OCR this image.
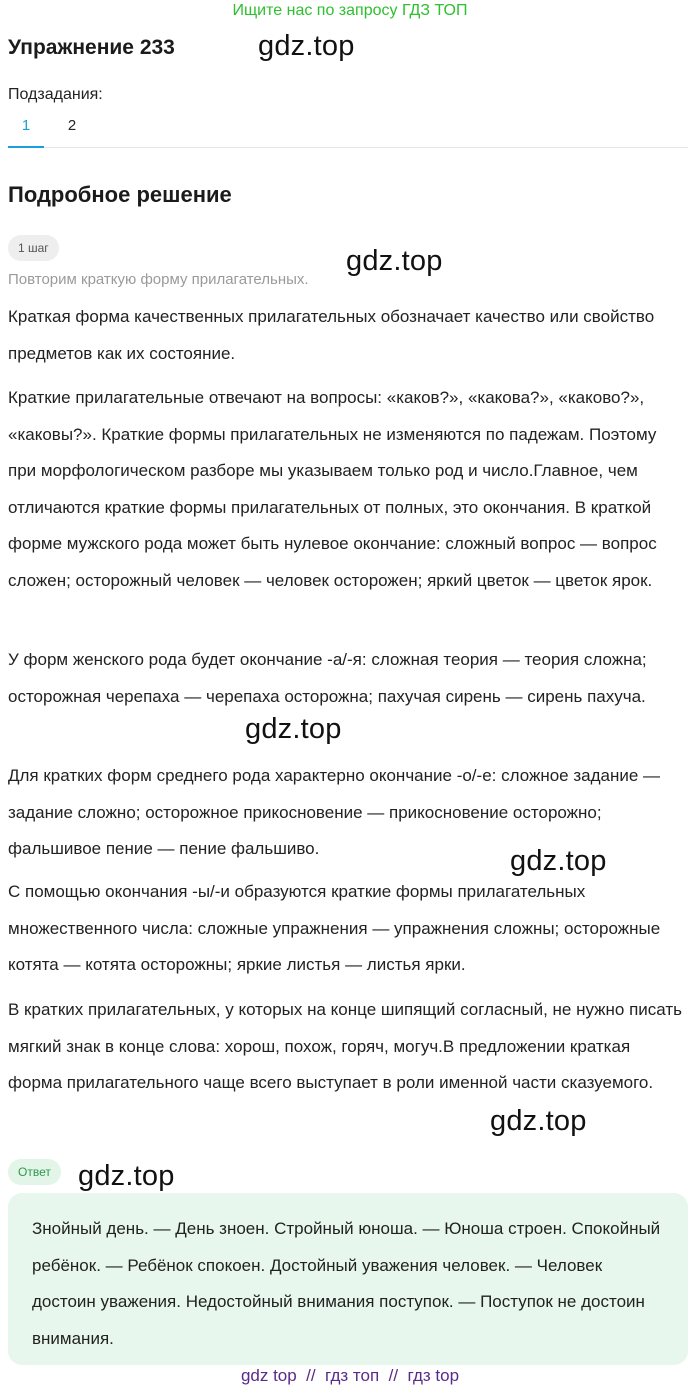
Ищите нас по запросу ГДЗ ТОП
Упражнение 233	gdz.top
Подзадания:
1	2
Подробное решение
1 шаг
Повторим краткую форму прилагательных.
gdz.top
Краткая форма качественных прилагательных обозначает качество или свойство предметов как их состояние.
Краткие прилагательные отвечают на вопросы: «каков?», «какова?», «каково?», «каковы?». Краткие формы прилагательных не изменяются по падежам. Поэтому при морфологическом разборе мы указываем только род и число.Главное, чем отличаются краткие формы прилагательных от полных, это окончания. В краткой форме мужского рода может быть нулевое окончание: сложный вопрос — вопрос сложен; осторожный человек — человек осторожен; яркий цветок — цветок ярок.
У форм женского рода будет окончание -а/-я: сложная теория — теория сложна; осторожная черепаха — черепаха осторожна; пахучая сирень — сирень пахуча.
gdz.top
Для кратких форм среднего рода характерно окончание -о/-е: сложное задание — задание сложно; осторожное прикосновение — прикосновение осторожно; фальшивое пение — пение фальшиво.	gdz.top
С помощью окончания -ы/-и образуются краткие формы прилагательных множественного числа: сложные упражнения — упражнения сложны; осторожные котята — котята осторожны; яркие листья — листья ярки.
В кратких прилагательных, у которых на конце шипящий согласный, не нужно писать мягкий знак в конце слова: хорош, похож, горяч, могуч.В предложении краткая форма прилагательного чаще всего выступает в роли именной части сказуемого.
gdz.top
Ответ
Знойный день. — День зноен. Стройный юноша. — Юноша строен. Спокойный ребёнок. — Ребёнок спокоен. Достойный уважения человек. — Человек достоин уважения. Недостойный внимания поступок. — Поступок не достоин внимания.
gdz.top
gdz top  //  гдз топ  //  гдз top
